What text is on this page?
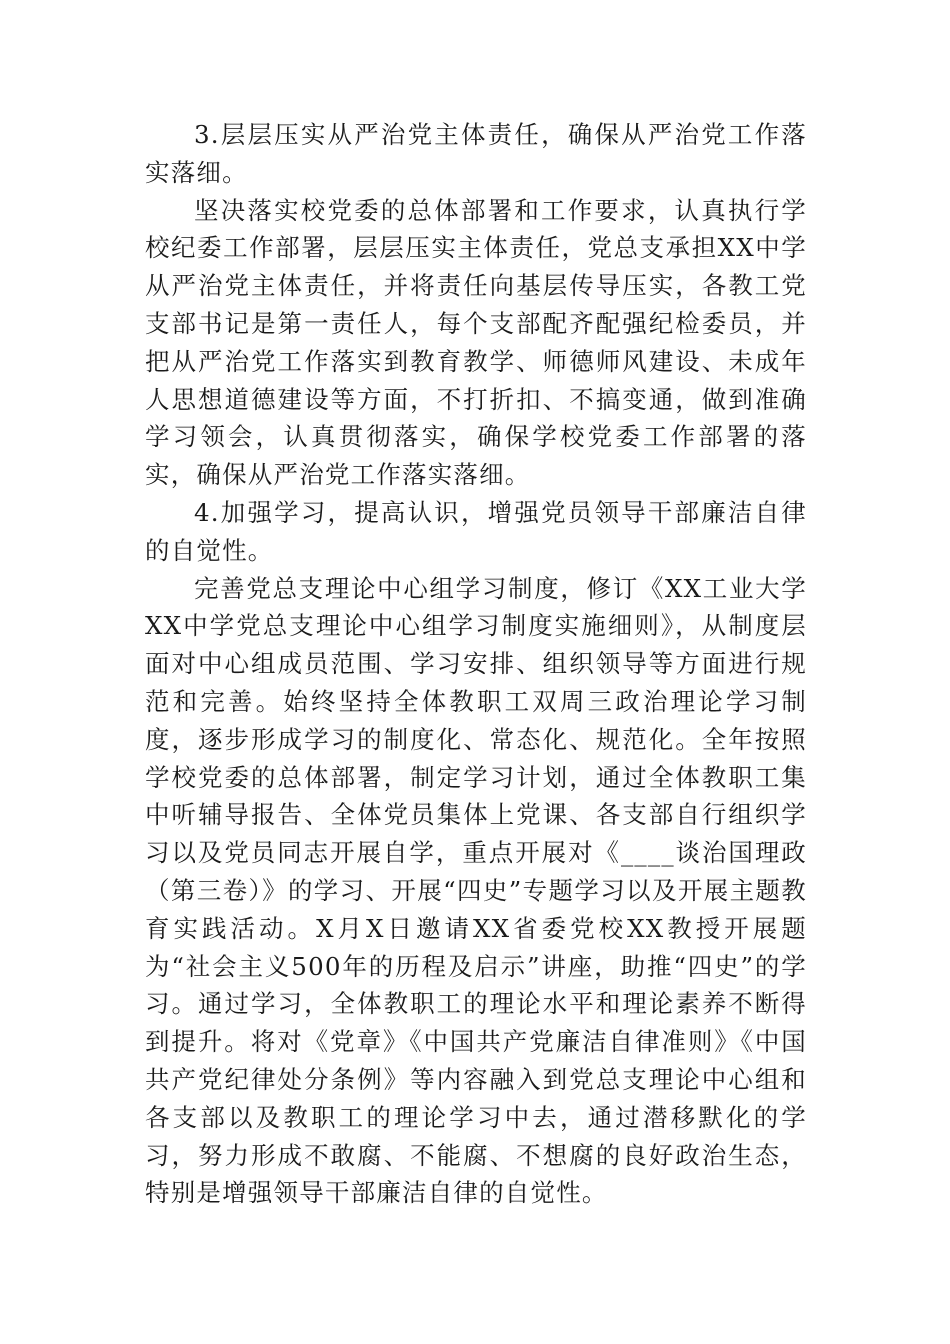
3.层层压实从严治党主体责任，确保从严治党工作落实落细。

坚决落实校党委的总体部署和工作要求，认真执行学校纪委工作部署，层层压实主体责任，党总支承担XX中学从严治党主体责任，并将责任向基层传导压实，各教工党支部书记是第一责任人，每个支部配齐配强纪检委员，并把从严治党工作落实到教育教学、师德师风建设、未成年人思想道德建设等方面，不打折扣、不搞变通，做到准确学习领会，认真贯彻落实，确保学校党委工作部署的落实，确保从严治党工作落实落细。

4.加强学习，提高认识，增强党员领导干部廉洁自律的自觉性。

完善党总支理论中心组学习制度，修订《XX工业大学XX中学党总支理论中心组学习制度实施细则》，从制度层面对中心组成员范围、学习安排、组织领导等方面进行规范和完善。始终坚持全体教职工双周三政治理论学习制度，逐步形成学习的制度化、常态化、规范化。全年按照学校党委的总体部署，制定学习计划，通过全体教职工集中听辅导报告、全体党员集体上党课、各支部自行组织学习以及党员同志开展自学，重点开展对《____谈治国理政（第三卷）》的学习、开展“四史”专题学习以及开展主题教育实践活动。X月X日邀请XX省委党校XX教授开展题为“社会主义500年的历程及启示”讲座，助推“四史”的学习。通过学习，全体教职工的理论水平和理论素养不断得到提升。将对《党章》《中国共产党廉洁自律准则》《中国共产党纪律处分条例》等内容融入到党总支理论中心组和各支部以及教职工的理论学习中去，通过潜移默化的学习，努力形成不敢腐、不能腐、不想腐的良好政治生态，特别是增强领导干部廉洁自律的自觉性。
